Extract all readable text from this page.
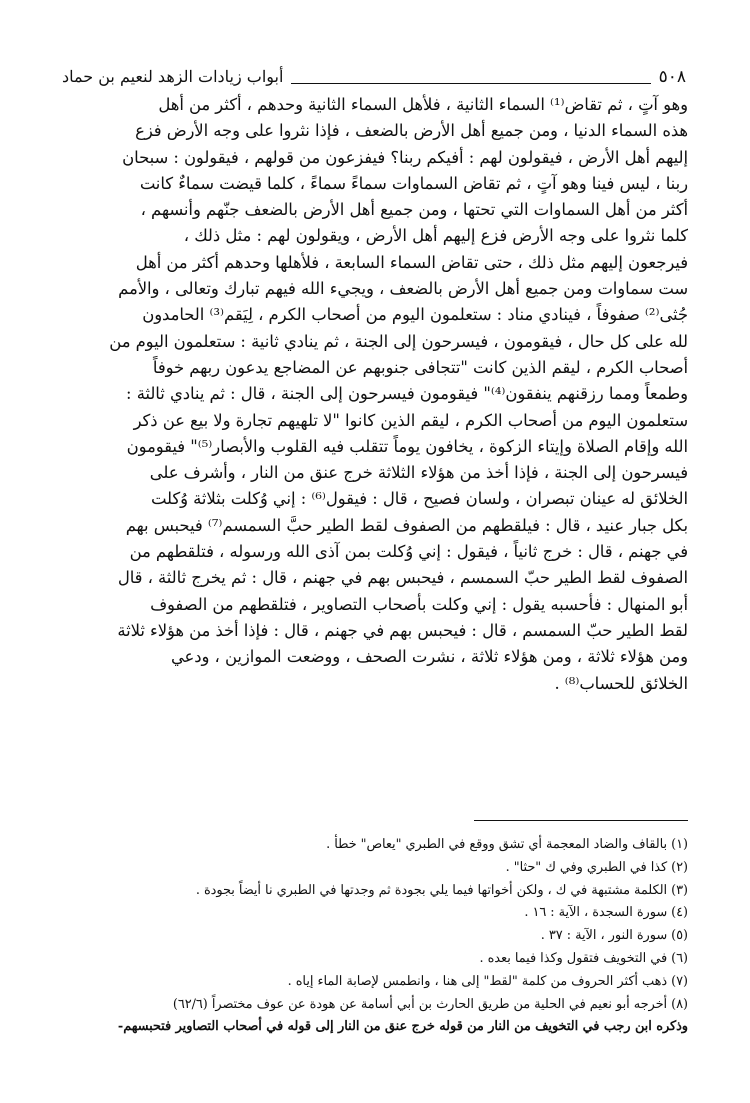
٥٠٨
أبواب زيادات الزهد لنعيم بن حماد
وهو آتٍ ، ثم تقاض⁽¹⁾ السماء الثانية ، فلأهل السماء الثانية وحدهم ، أكثر من أهل
هذه السماء الدنيا ، ومن جميع أهل الأرض بالضعف ، فإذا نثروا على وجه الأرض فزع
إليهم أهل الأرض ، فيقولون لهم : أفيكم ربنا؟ فيفزعون من قولهم ، فيقولون : سبحان
ربنا ، ليس فينا وهو آتٍ ، ثم تقاض السماوات سماءً سماءً ، كلما قيضت سماءٌ كانت
أكثر من أهل السماوات التي تحتها ، ومن جميع أهل الأرض بالضعف جنّهم وأنسهم ،
كلما نثروا على وجه الأرض فزع إليهم أهل الأرض ، ويقولون لهم : مثل ذلك ،
فيرجعون إليهم مثل ذلك ، حتى تقاض السماء السابعة ، فلأهلها وحدهم أكثر من أهل
ست سماوات ومن جميع أهل الأرض بالضعف ، ويجيء الله فيهم تبارك وتعالى ، والأمم
جُثى⁽²⁾ صفوفاً ، فينادي مناد : ستعلمون اليوم من أصحاب الكرم ، لِيَقم⁽³⁾ الحامدون
لله على كل حال ، فيقومون ، فيسرحون إلى الجنة ، ثم ينادي ثانية : ستعلمون اليوم من
أصحاب الكرم ، ليقم الذين كانت "تتجافى جنوبهم عن المضاجع يدعون ربهم خوفاً
وطمعاً ومما رزقنهم ينفقون⁽⁴⁾" فيقومون فيسرحون إلى الجنة ، قال : ثم ينادي ثالثة :
ستعلمون اليوم من أصحاب الكرم ، ليقم الذين كانوا "لا تلهيهم تجارة ولا بيع عن ذكر
الله وإقام الصلاة وإيتاء الزكوة ، يخافون يوماً تتقلب فيه القلوب والأبصار⁽⁵⁾" فيقومون
فيسرحون إلى الجنة ، فإذا أخذ من هؤلاء الثلاثة خرج عنق من النار ، وأشرف على
الخلائق له عينان تبصران ، ولسان فصيح ، قال : فيقول⁽⁶⁾ : إني وُكلت بثلاثة وُكلت
بكل جبار عنيد ، قال : فيلقطهم من الصفوف لقط الطير حبَّ السمسم⁽⁷⁾ فيحبس بهم
في جهنم ، قال : خرج ثانياً ، فيقول : إني وُكلت بمن آذى الله ورسوله ، فتلقطهم من
الصفوف لقط الطير حبّ السمسم ، فيحبس بهم في جهنم ، قال : ثم يخرج ثالثة ، قال
أبو المنهال : فأحسبه يقول : إني وكلت بأصحاب التصاوير ، فتلقطهم من الصفوف
لقط الطير حبّ السمسم ، قال : فيحبس بهم في جهنم ، قال : فإذا أخذ من هؤلاء ثلاثة
ومن هؤلاء ثلاثة ، ومن هؤلاء ثلاثة ، نشرت الصحف ، ووضعت الموازين ، ودعي
الخلائق للحساب⁽⁸⁾ .
(١) بالقاف والضاد المعجمة أي تشق ووقع في الطبري "يعاص" خطأ .
(٢) كذا في الطبري وفي ك "حثا" .
(٣) الكلمة مشتبهة في ك ، ولكن أخواتها فيما يلي بجودة ثم وجدتها في الطبري نا أيضاً بجودة .
(٤) سورة السجدة ، الآية : ١٦ .
(٥) سورة النور ، الآية : ٣٧ .
(٦) في التخويف فتقول وكذا فيما بعده .
(٧) ذهب أكثر الحروف من كلمة "لقط" إلى هنا ، وانطمس لإصابة الماء إياه .
(٨) أخرجه أبو نعيم في الحلية من طريق الحارث بن أبي أسامة عن هودة عن عوف مختصراً (٦٢/٦)
وذكره ابن رجب في التخويف من النار من قوله خرج عنق من النار إلى قوله في أصحاب التصاوير فتحبسهم-
